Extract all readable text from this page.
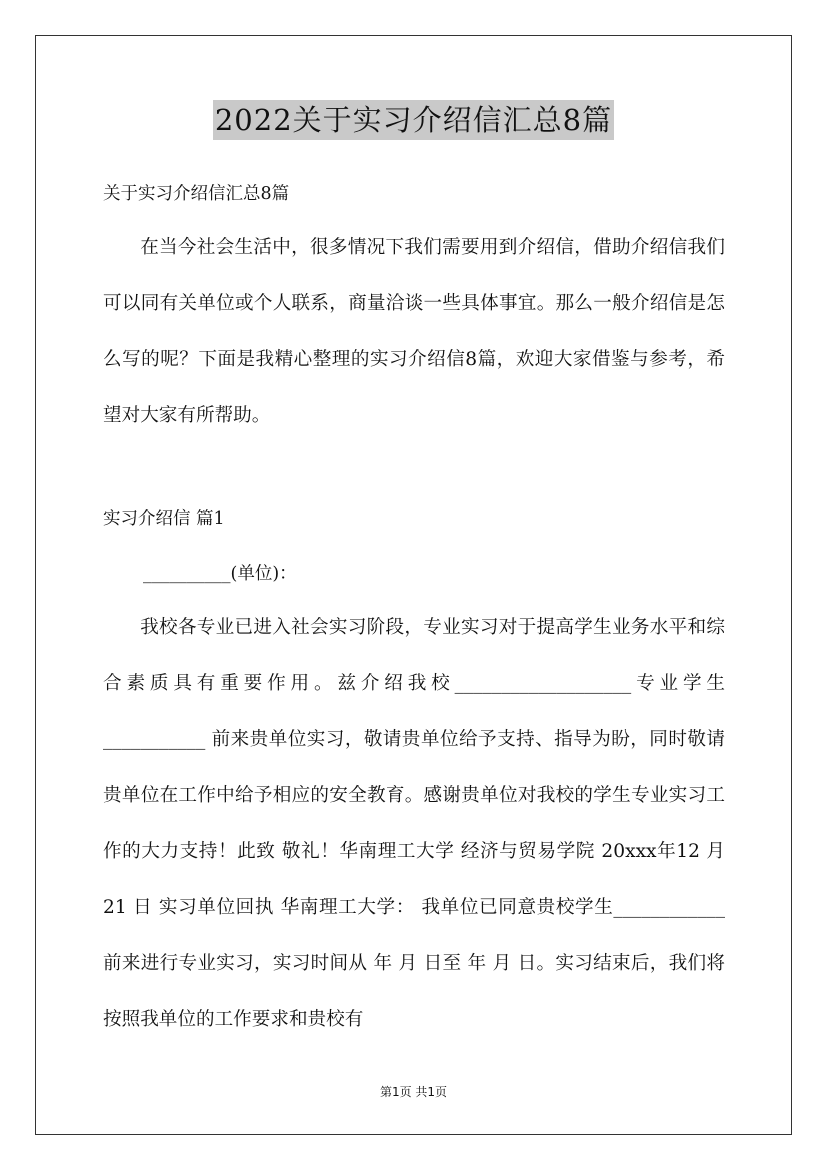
2022关于实习介绍信汇总8篇
关于实习介绍信汇总8篇

在当今社会生活中，很多情况下我们需要用到介绍信，借助介绍信我们可以同有关单位或个人联系，商量洽谈一些具体事宜。那么一般介绍信是怎么写的呢？下面是我精心整理的实习介绍信8篇，欢迎大家借鉴与参考，希望对大家有所帮助。

实习介绍信 篇1
__________(单位)：

我校各专业已进入社会实习阶段，专业实习对于提高学生业务水平和综合素质具有重要作用。兹介绍我校___________________专业学生___________ 前来贵单位实习，敬请贵单位给予支持、指导为盼，同时敬请贵单位在工作中给予相应的安全教育。感谢贵单位对我校的学生专业实习工作的大力支持！此致 敬礼！华南理工大学 经济与贸易学院 20xxx年12 月21 日 实习单位回执 华南理工大学： 我单位已同意贵校学生____________前来进行专业实习，实习时间从 年 月 日至 年 月 日。实习结束后，我们将按照我单位的工作要求和贵校有

第1页 共1页
